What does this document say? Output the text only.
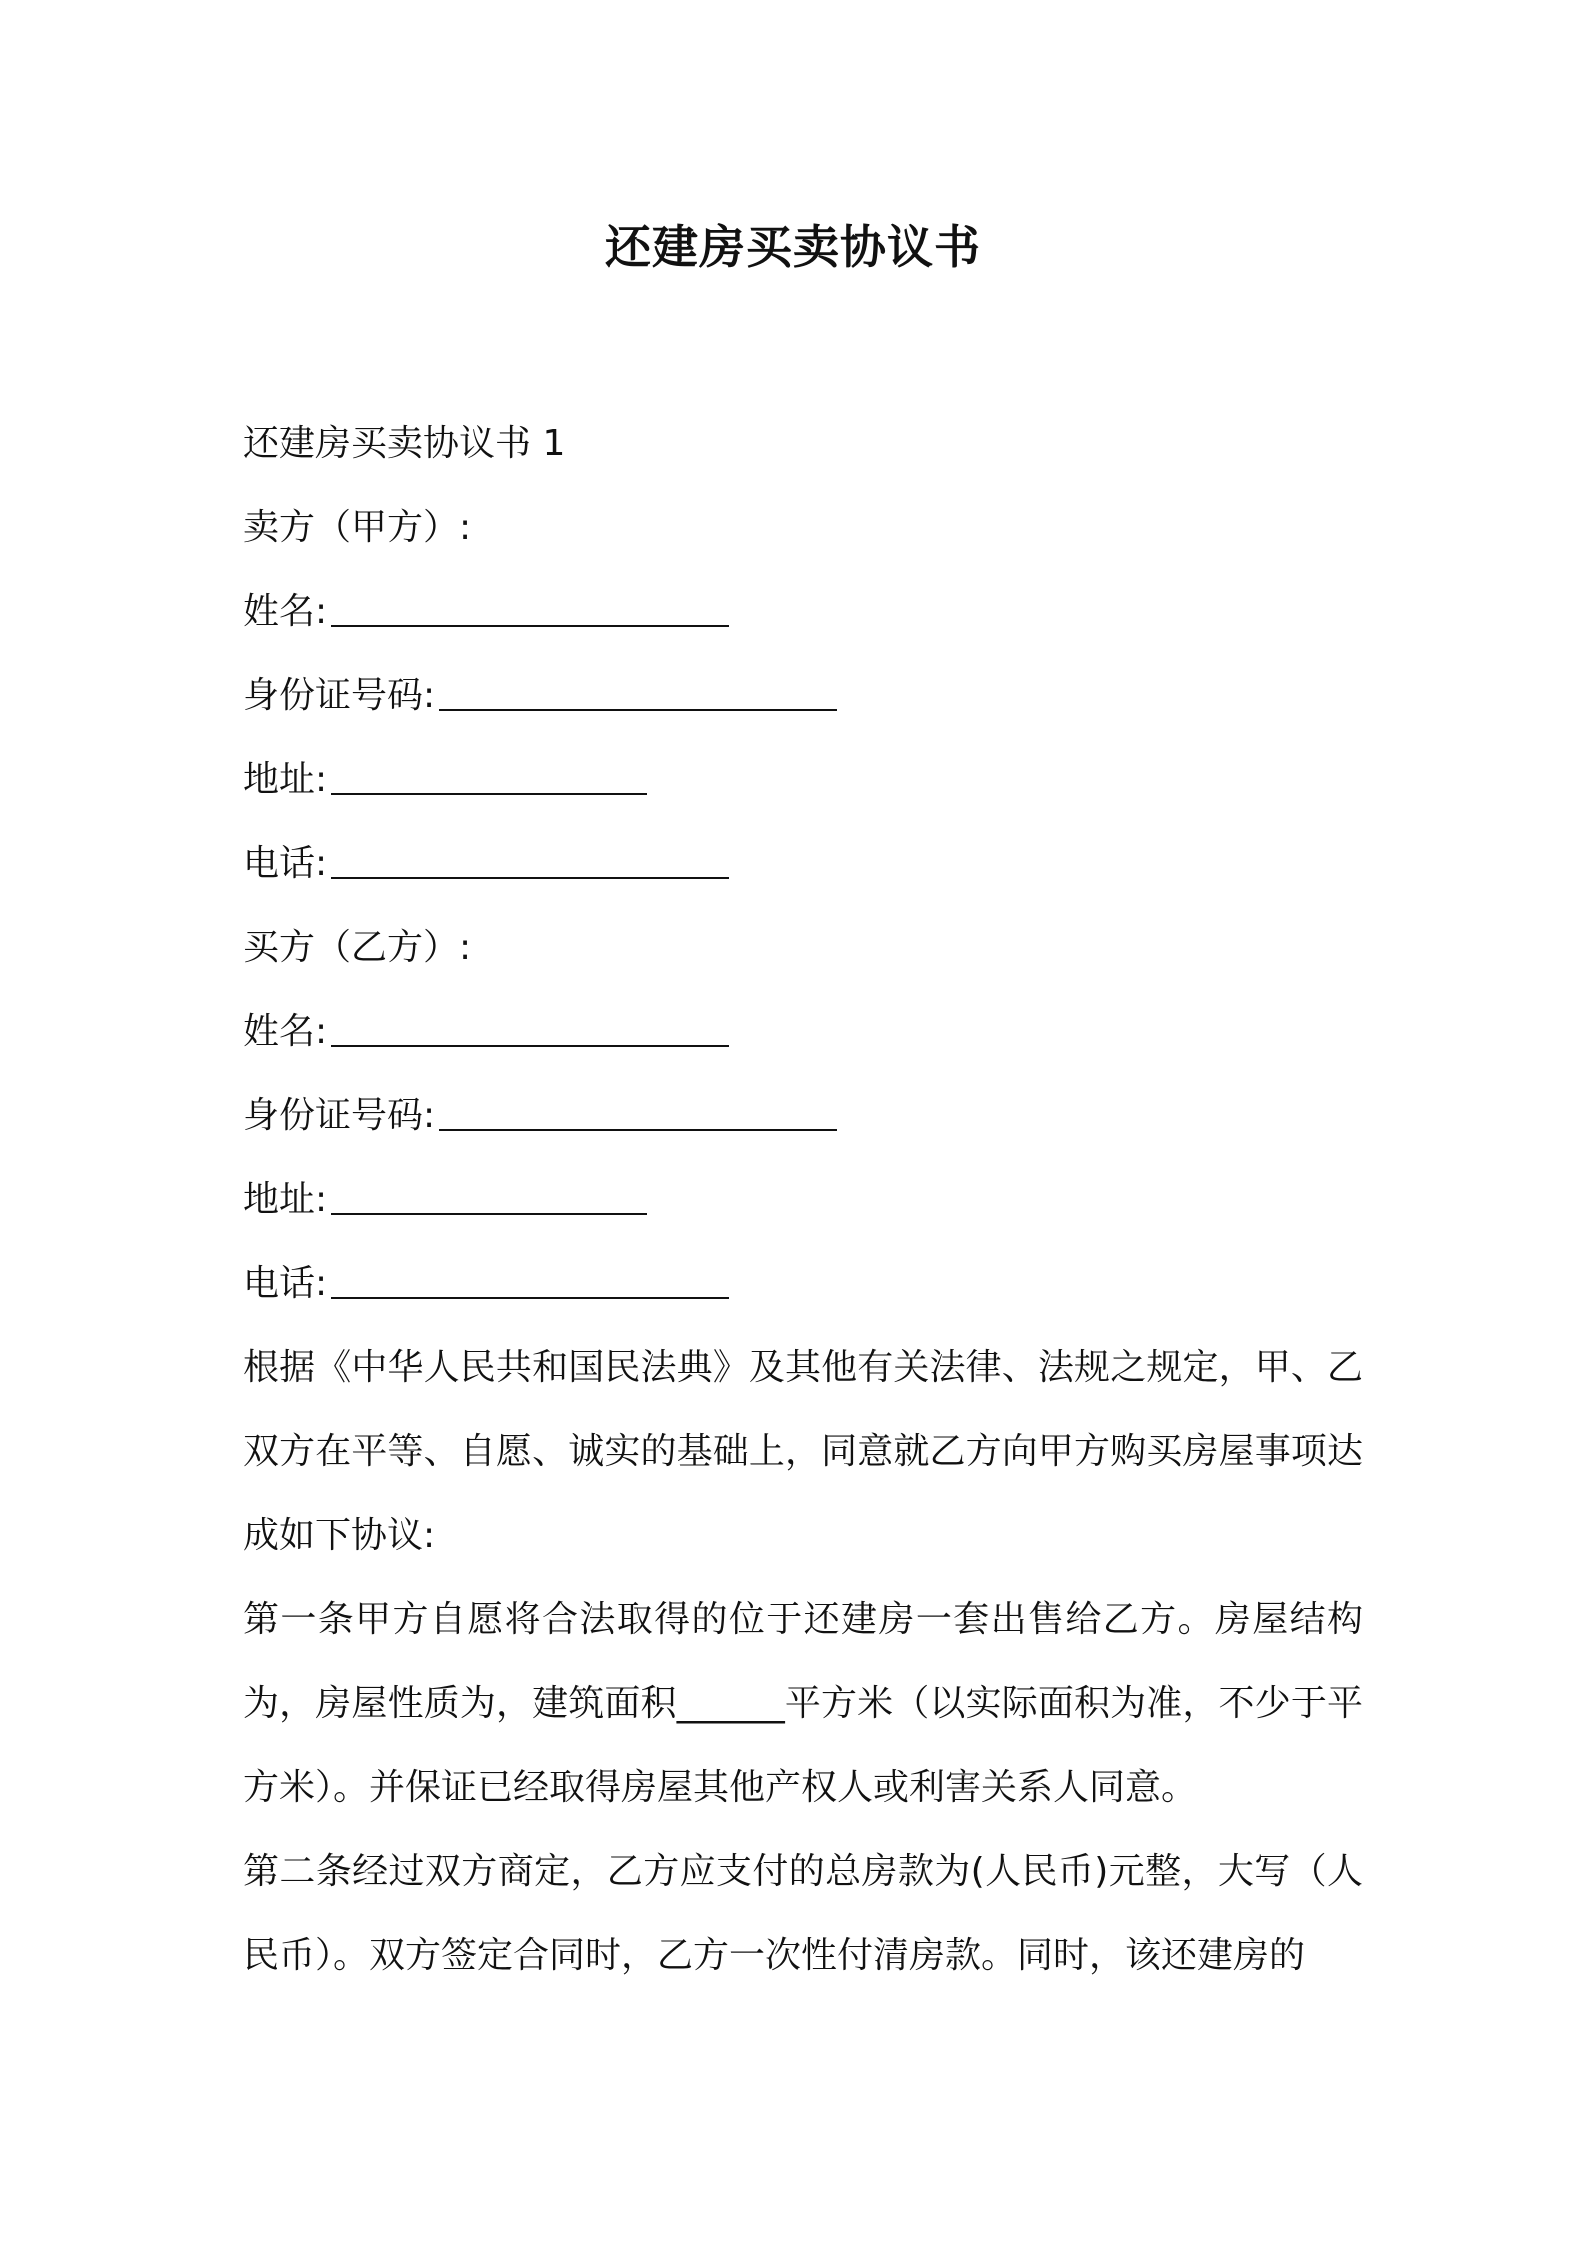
还建房买卖协议书
还建房买卖协议书 1
卖方（甲方）:
姓名:
身份证号码:
地址:
电话:
买方（乙方）:
姓名:
身份证号码:
地址:
电话:
根据《中华人民共和国民法典》及其他有关法律、法规之规定，甲、乙双方在平等、自愿、诚实的基础上，同意就乙方向甲方购买房屋事项达成如下协议:
第一条甲方自愿将合法取得的位于还建房一套出售给乙方。房屋结构为，房屋性质为，建筑面积______平方米（以实际面积为准，不少于平方米）。并保证已经取得房屋其他产权人或利害关系人同意。
第二条经过双方商定，乙方应支付的总房款为(人民币)元整，大写（人民币）。双方签定合同时，乙方一次性付清房款。同时，该还建房的
